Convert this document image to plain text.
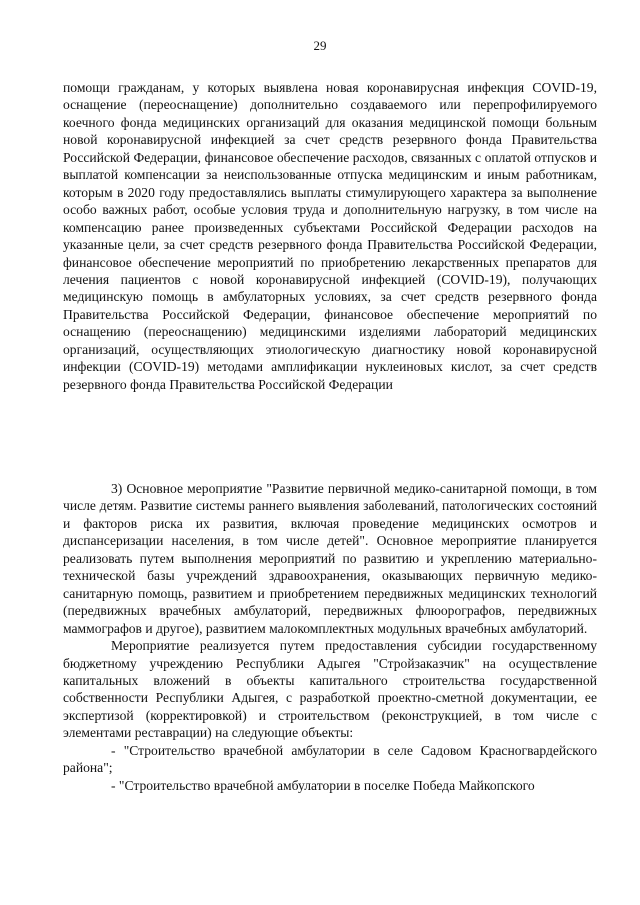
29

помощи гражданам, у которых выявлена новая коронавирусная инфекция COVID-19, оснащение (переоснащение) дополнительно создаваемого или перепрофилируемого коечного фонда медицинских организаций для оказания медицинской помощи больным новой коронавирусной инфекцией за счет средств резервного фонда Правительства Российской Федерации, финансовое обеспечение расходов, связанных с оплатой отпусков и выплатой компенсации за неиспользованные отпуска медицинским и иным работникам, которым в 2020 году предоставлялись выплаты стимулирующего характера за выполнение особо важных работ, особые условия труда и дополнительную нагрузку, в том числе на компенсацию ранее произведенных субъектами Российской Федерации расходов на указанные цели, за счет средств резервного фонда Правительства Российской Федерации, финансовое обеспечение мероприятий по приобретению лекарственных препаратов для лечения пациентов с новой коронавирусной инфекцией (COVID-19), получающих медицинскую помощь в амбулаторных условиях, за счет средств резервного фонда Правительства Российской Федерации, финансовое обеспечение мероприятий по оснащению (переоснащению) медицинскими изделиями лабораторий медицинских организаций, осуществляющих этиологическую диагностику новой коронавирусной инфекции (COVID-19) методами амплификации нуклеиновых кислот, за счет средств резервного фонда Правительства Российской Федерации

3) Основное мероприятие "Развитие первичной медико-санитарной помощи, в том числе детям. Развитие системы раннего выявления заболеваний, патологических состояний и факторов риска их развития, включая проведение медицинских осмотров и диспансеризации населения, в том числе детей". Основное мероприятие планируется реализовать путем выполнения мероприятий по развитию и укреплению материально-технической базы учреждений здравоохранения, оказывающих первичную медико-санитарную помощь, развитием и приобретением передвижных медицинских технологий (передвижных врачебных амбулаторий, передвижных флюорографов, передвижных маммографов и другое), развитием малокомплектных модульных врачебных амбулаторий.

Мероприятие реализуется путем предоставления субсидии государственному бюджетному учреждению Республики Адыгея "Стройзаказчик" на осуществление капитальных вложений в объекты капитального строительства государственной собственности Республики Адыгея, с разработкой проектно-сметной документации, ее экспертизой (корректировкой) и строительством (реконструкцией, в том числе с элементами реставрации) на следующие объекты:

- "Строительство врачебной амбулатории в селе Садовом Красногвардейского района";

- "Строительство врачебной амбулатории в поселке Победа Майкопского
